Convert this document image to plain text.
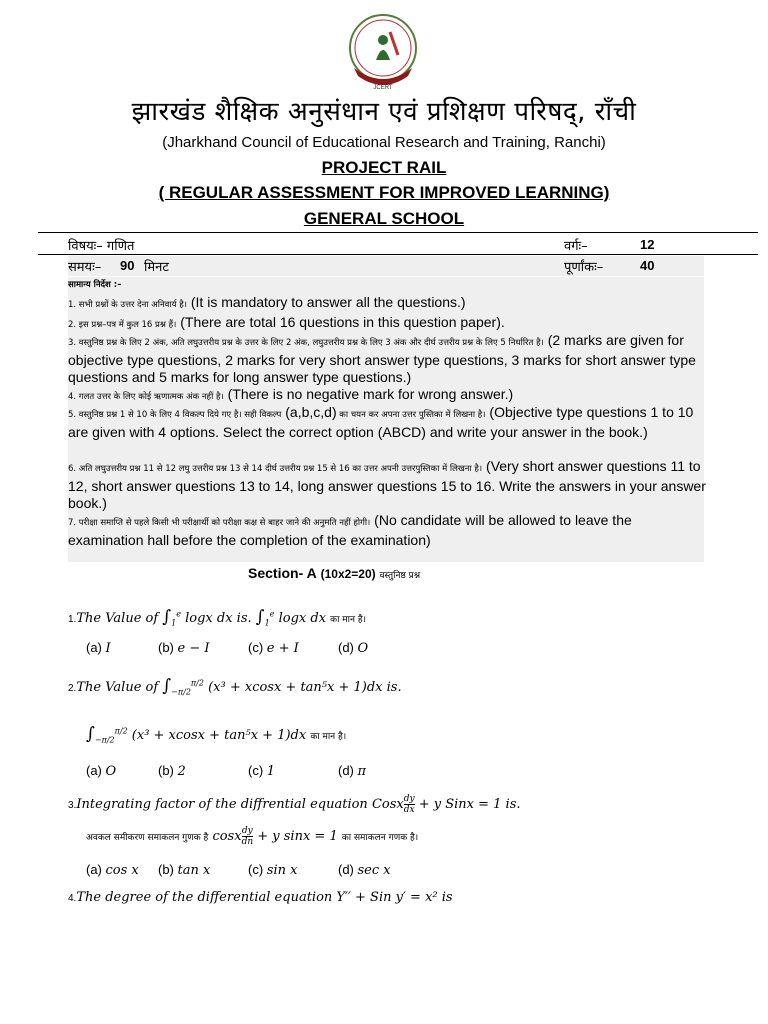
JCERT
झारखंड शैक्षिक अनुसंधान एवं प्रशिक्षण परिषद्, राँची
(Jharkhand Council of Educational Research and Training, Ranchi)
PROJECT RAIL
( REGULAR ASSESSMENT FOR IMPROVED LEARNING)
GENERAL SCHOOL
विषयः– गणित	वर्गः–	12
समयः– 90 मिनट	पूर्णांकः–	40
सामान्य निर्देश :–
1. सभी प्रश्नों के उत्तर देना अनिवार्य है। (It is mandatory to answer all the questions.)
2. इस प्रश्न–पत्र में कुल 16 प्रश्न हैं। (There are total 16 questions in this question paper).
3. वस्तुनिष्ठ प्रश्न के लिए 2 अंक, अति लघुउत्तरीय प्रश्न के उत्तर के लिए 2 अंक, लघुउत्तरीय प्रश्न के लिए 3 अंक और दीर्घ उत्तरीय प्रश्न के लिए 5 निर्धारित है। (2 marks are given for objective type questions, 2 marks for very short answer type questions, 3 marks for short answer type questions and 5 marks for long answer type questions.)
4. गलत उत्तर के लिए कोई ऋणात्मक अंक नहीं है। (There is no negative mark for wrong answer.)
5. वस्तुनिष्ठ प्रश्न 1 से 10 के लिए 4 विकल्प दिये गए है। सही विकल्प (a,b,c,d) का चयन कर अपना उत्तर पुस्तिका में लिखना है। (Objective type questions 1 to 10 are given with 4 options. Select the correct option (ABCD) and write your answer in the book.)
6. अति लघुउत्तरीय प्रश्न 11 से 12 लघु उत्तरीय प्रश्न 13 से 14 दीर्घ उत्तरीय प्रश्न 15 से 16 का उत्तर अपनी उत्तरपुस्तिका में लिखना है। (Very short answer questions 11 to 12, short answer questions 13 to 14, long answer questions 15 to 16. Write the answers in your answer book.)
7. परीक्षा समाप्ति से पहले किसी भी परीक्षार्थी को परीक्षा कक्ष से बाहर जाने की अनुमति नहीं होगी। (No candidate will be allowed to leave the examination hall before the completion of the examination)
Section- A (10x2=20) वस्तुनिष्ठ प्रश्न
1.The Value of $\int_1^e$ logx dx is. $\int_1^e$ logx dx का मान है।
(a) I	(b) e − I	(c) e + I	(d) O
2.The Value of $\int_{-\pi/2}^{\pi/2}$ (x³ + xcosx + tan⁵x + 1)dx is.
$\int_{-\pi/2}^{\pi/2}$ (x³ + xcosx + tan⁵x + 1)dx का मान है।
(a) O	(b) 2	(c) 1	(d) π
3.Integrating factor of the diffrential equation Cosx $\frac{dy}{dx} + y$ Sinx = 1 is.
अवकल समीकरण समाकलन गुणक है cosx $\frac{dy}{dn} + y$ sinx = 1 का समाकलन गणक है।
(a) cos x (b) tan x	(c) sin x	(d) sec x
4.The degree of the differential equation Y′′ + Sin y′ = x² is
